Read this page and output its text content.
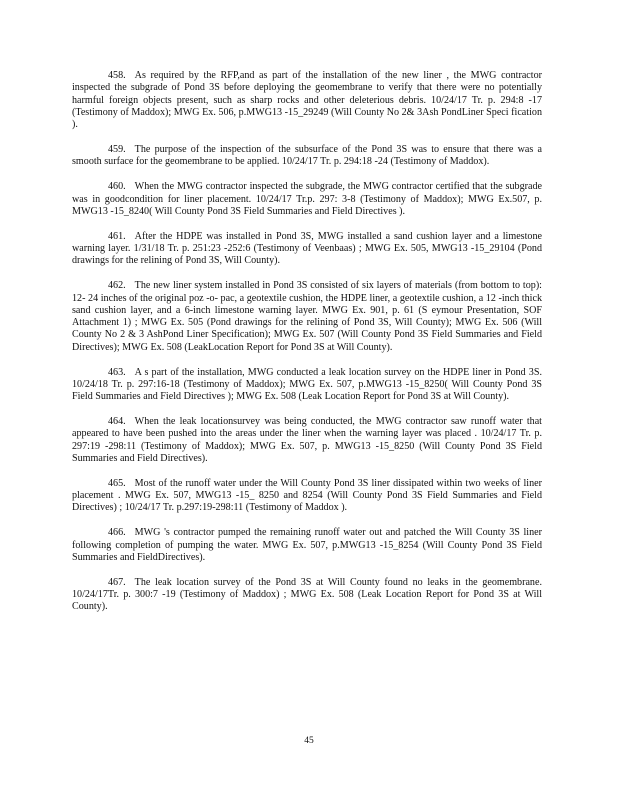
458. As required by the RFP,and as part of the installation of the new liner , the MWG contractor inspected the subgrade of Pond 3S before deploying the geomembrane to verify that there were no potentially harmful foreign objects present, such as sharp rocks and other deleterious debris. 10/24/17 Tr. p. 294:8 -17 (Testimony of Maddox); MWG Ex. 506, p.MWG13 -15_29249 (Will County No 2& 3Ash PondLiner Speci fication ).

459. The purpose of the inspection of the subsurface of the Pond 3S was to ensure that there was a smooth surface for the geomembrane to be applied. 10/24/17 Tr. p. 294:18 -24 (Testimony of Maddox).

460. When the MWG contractor inspected the subgrade, the MWG contractor certified that the subgrade was in goodcondition for liner placement. 10/24/17 Tr.p. 297: 3-8 (Testimony of Maddox); MWG Ex.507, p. MWG13 -15_8240( Will County Pond 3S Field Summaries and Field Directives ).

461. After the HDPE was installed in Pond 3S, MWG installed a sand cushion layer and a limestone warning layer. 1/31/18 Tr. p. 251:23 -252:6 (Testimony of Veenbaas) ; MWG Ex. 505, MWG13 -15_29104 (Pond drawings for the relining of Pond 3S, Will County).

462. The new liner system installed in Pond 3S consisted of six layers of materials (from bottom to top): 12- 24 inches of the original poz -o- pac, a geotextile cushion, the HDPE liner, a geotextile cushion, a 12 -inch thick sand cushion layer, and a 6-inch limestone warning layer. MWG Ex. 901, p. 61 (S eymour Presentation, SOF Attachment 1) ; MWG Ex. 505 (Pond drawings for the relining of Pond 3S, Will County); MWG Ex. 506 (Will County No 2 & 3 AshPond Liner Specification); MWG Ex. 507 (Will County Pond 3S Field Summaries and Field Directives); MWG Ex. 508 (LeakLocation Report for Pond 3S at Will County).

463. A s part of the installation, MWG conducted a leak location survey on the HDPE liner in Pond 3S. 10/24/18 Tr. p. 297:16-18 (Testimony of Maddox); MWG Ex. 507, p.MWG13 -15_8250( Will County Pond 3S Field Summaries and Field Directives ); MWG Ex. 508 (Leak Location Report for Pond 3S at Will County).

464. When the leak locationsurvey was being conducted, the MWG contractor saw runoff water that appeared to have been pushed into the areas under the liner when the warning layer was placed . 10/24/17 Tr. p. 297:19 -298:11 (Testimony of Maddox); MWG Ex. 507, p. MWG13 -15_8250 (Will County Pond 3S Field Summaries and Field Directives).

465. Most of the runoff water under the Will County Pond 3S liner dissipated within two weeks of liner placement . MWG Ex. 507, MWG13 -15_ 8250 and 8254 (Will County Pond 3S Field Summaries and Field Directives) ; 10/24/17 Tr. p.297:19-298:11 (Testimony of Maddox ).

466. MWG 's contractor pumped the remaining runoff water out and patched the Will County 3S liner following completion of pumping the water. MWG Ex. 507, p.MWG13 -15_8254 (Will County Pond 3S Field Summaries and FieldDirectives).

467. The leak location survey of the Pond 3S at Will County found no leaks in the geomembrane. 10/24/17Tr. p. 300:7 -19 (Testimony of Maddox) ; MWG Ex. 508 (Leak Location Report for Pond 3S at Will County).

45
